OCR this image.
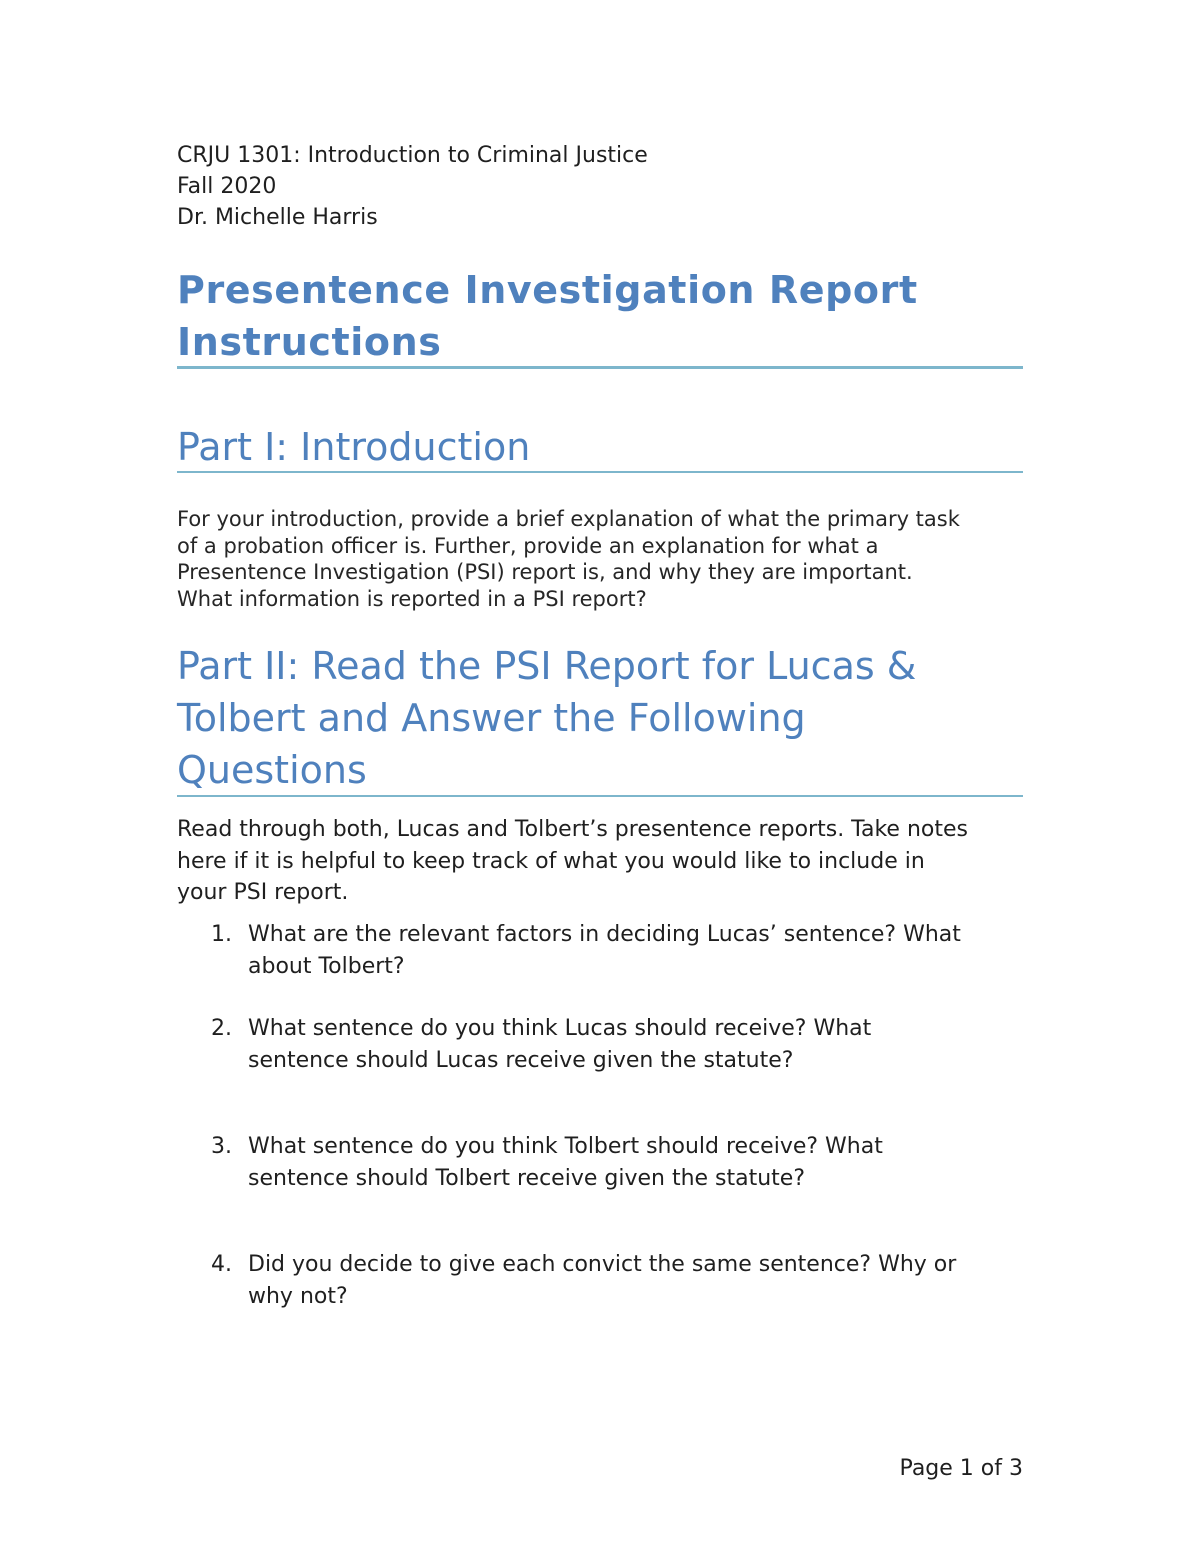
CRJU 1301: Introduction to Criminal Justice
Fall 2020
Dr. Michelle Harris
Presentence Investigation Report
Instructions
Part I: Introduction
For your introduction, provide a brief explanation of what the primary task
of a probation officer is. Further, provide an explanation for what a
Presentence Investigation (PSI) report is, and why they are important.
What information is reported in a PSI report?
Part II: Read the PSI Report for Lucas &
Tolbert and Answer the Following
Questions
Read through both, Lucas and Tolbert’s presentence reports. Take notes
here if it is helpful to keep track of what you would like to include in
your PSI report.
1. What are the relevant factors in deciding Lucas’ sentence? What
about Tolbert?
2. What sentence do you think Lucas should receive? What
sentence should Lucas receive given the statute?
3. What sentence do you think Tolbert should receive? What
sentence should Tolbert receive given the statute?
4. Did you decide to give each convict the same sentence? Why or
why not?
Page 1 of 3
